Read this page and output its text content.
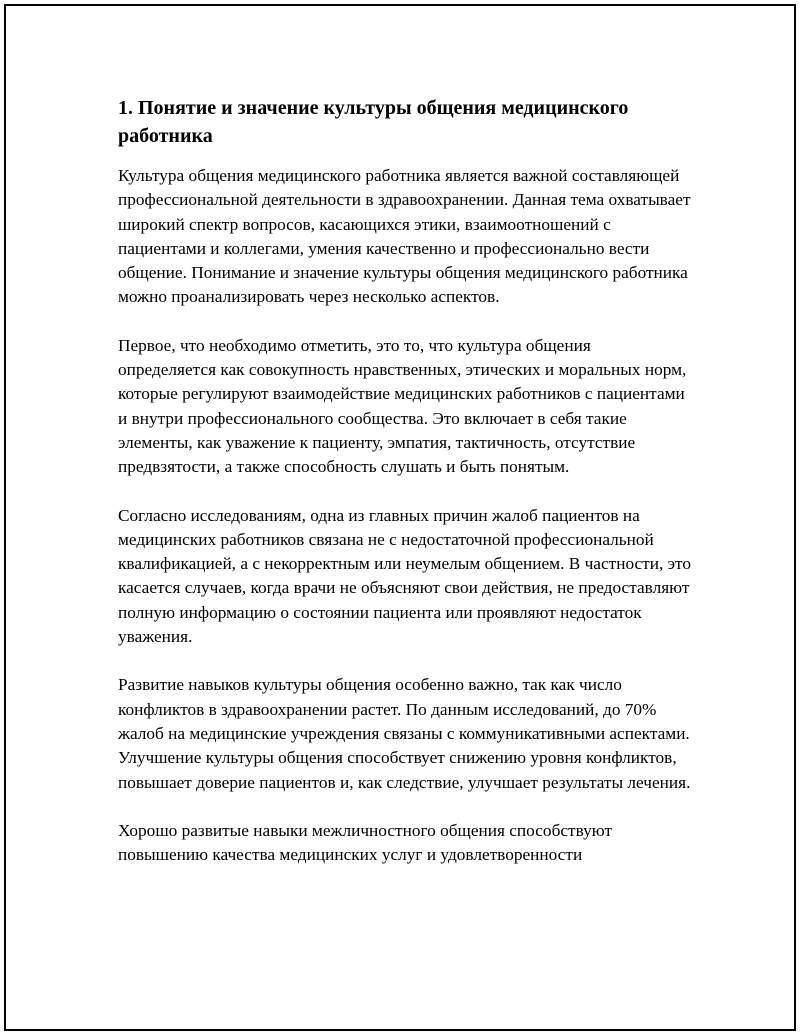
1. Понятие и значение культуры общения медицинского работника

Культура общения медицинского работника является важной составляющей профессиональной деятельности в здравоохранении. Данная тема охватывает широкий спектр вопросов, касающихся этики, взаимоотношений с пациентами и коллегами, умения качественно и профессионально вести общение. Понимание и значение культуры общения медицинского работника можно проанализировать через несколько аспектов.

Первое, что необходимо отметить, это то, что культура общения определяется как совокупность нравственных, этических и моральных норм, которые регулируют взаимодействие медицинских работников с пациентами и внутри профессионального сообщества. Это включает в себя такие элементы, как уважение к пациенту, эмпатия, тактичность, отсутствие предвзятости, а также способность слушать и быть понятым.

Согласно исследованиям, одна из главных причин жалоб пациентов на медицинских работников связана не с недостаточной профессиональной квалификацией, а с некорректным или неумелым общением. В частности, это касается случаев, когда врачи не объясняют свои действия, не предоставляют полную информацию о состоянии пациента или проявляют недостаток уважения.

Развитие навыков культуры общения особенно важно, так как число конфликтов в здравоохранении растет. По данным исследований, до 70% жалоб на медицинские учреждения связаны с коммуникативными аспектами. Улучшение культуры общения способствует снижению уровня конфликтов, повышает доверие пациентов и, как следствие, улучшает результаты лечения.

Хорошо развитые навыки межличностного общения способствуют повышению качества медицинских услуг и удовлетворенности
